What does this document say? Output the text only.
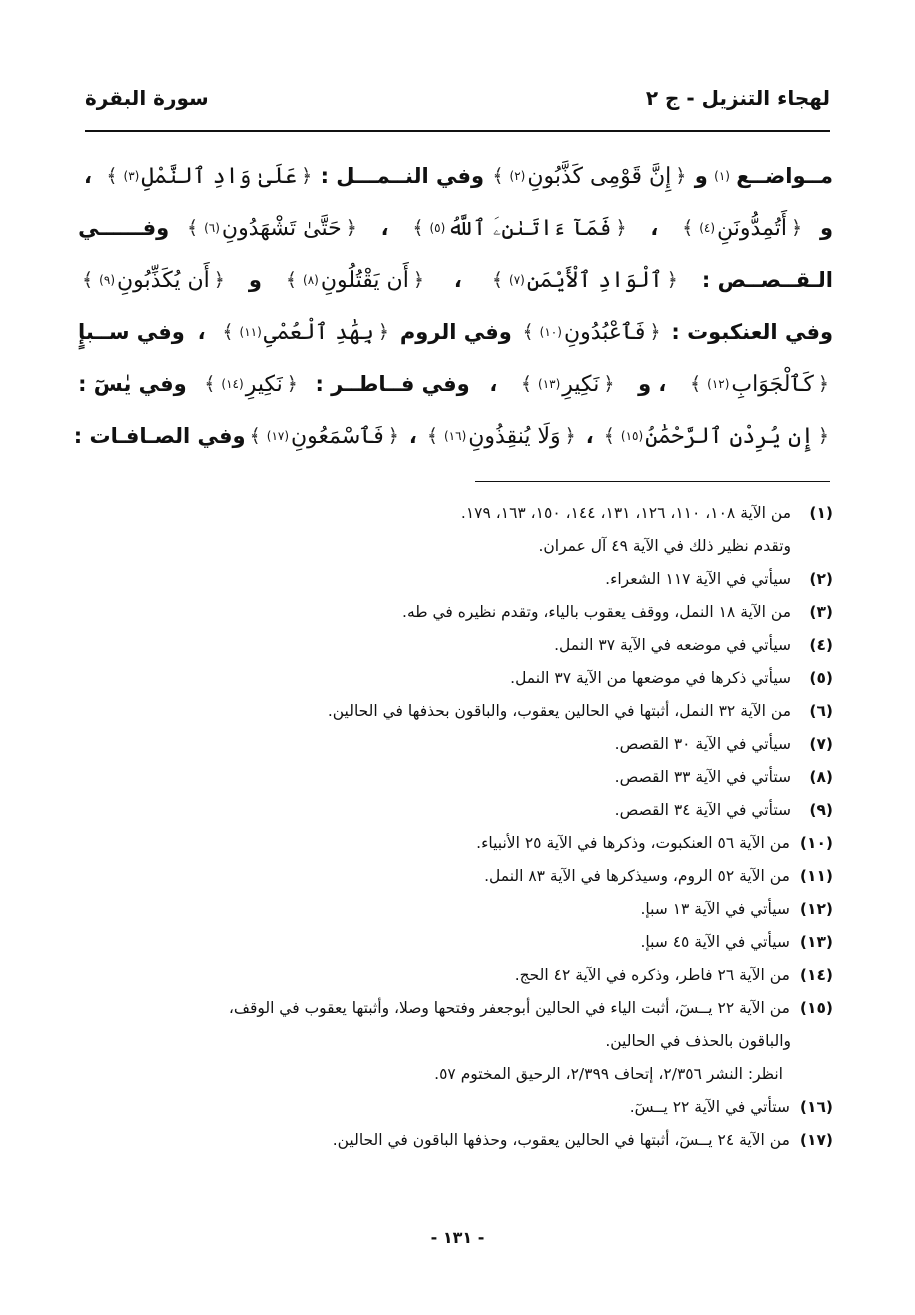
لهجاء التنزيل - ج ٢
سورة البقرة
مــواضــع
(١)
و
﴿
إِنَّ قَوْمِى كَذَّبُونِ
(٢)
﴾
وفي النــمـــل :
﴿
عَلَىٰ وَادِ ٱلنَّمْلِ
(٣)
﴾
،
و
﴿
أَتُمِدُّونَنِ
(٤)
﴾
،
﴿
فَمَآ ءَاتَىٰنِۦَ ٱللَّهُ
(٥)
﴾
،
﴿
حَتَّىٰ تَشْهَدُونِ
(٦)
﴾
وفــــــي
الـقــصــص :
﴿
ٱلْوَادِ ٱلْأَيْمَنِ
(٧)
﴾
،
﴿
أَن يَقْتُلُونِ
(٨)
﴾
و
﴿
أَن يُكَذِّبُونِ
(٩)
﴾
وفي العنكبوت :
﴿
فَٱعْبُدُونِ
(١٠)
﴾
وفي الروم
﴿
بِهَٰدِ ٱلْعُمْىِ
(١١)
﴾
،
وفي ســبإٍ
﴿
كَٱلْجَوَابِ
(١٢)
﴾
، و
﴿
نَكِيرِ
(١٣)
﴾
،
وفي فــاطــر :
﴿
نَكِيرِ
(١٤)
﴾
وفي يٰسٓ :
﴿
إِن يُرِدْنِ ٱلرَّحْمَٰنُ
(١٥)
﴾
،
﴿
وَلَا يُنقِذُونِ
(١٦)
﴾
،
﴿
فَٱسْمَعُونِ
(١٧)
﴾
وفي الصـافـات :
(١)
من الآية ١٠٨، ١١٠، ١٢٦، ١٣١، ١٤٤، ١٥٠، ١٦٣، ١٧٩.
وتقدم نظير ذلك في الآية ٤٩ آل عمران.
(٢)
سيأتي في الآية ١١٧ الشعراء.
(٣)
من الآية ١٨ النمل، ووقف يعقوب بالياء، وتقدم نظيره في طه.
(٤)
سيأتي في موضعه في الآية ٣٧ النمل.
(٥)
سيأتي ذكرها في موضعها من الآية ٣٧ النمل.
(٦)
من الآية ٣٢ النمل، أثبتها في الحالين يعقوب، والباقون بحذفها في الحالين.
(٧)
سيأتي في الآية ٣٠ القصص.
(٨)
ستأتي في الآية ٣٣ القصص.
(٩)
ستأتي في الآية ٣٤ القصص.
(١٠)
من الآية ٥٦ العنكبوت، وذكرها في الآية ٢٥ الأنبياء.
(١١)
من الآية ٥٢ الروم، وسيذكرها في الآية ٨٣ النمل.
(١٢)
سيأتي في الآية ١٣ سبإ.
(١٣)
سيأتي في الآية ٤٥ سبإ.
(١٤)
من الآية ٢٦ فاطر، وذكره في الآية ٤٢ الحج.
(١٥)
من الآية ٢٢ يــسٓ، أثبت الياء في الحالين أبوجعفر وفتحها وصلا، وأثبتها يعقوب في الوقف،
والباقون بالحذف في الحالين.
انظر: النشر ٢/٣٥٦، إتحاف ٢/٣٩٩، الرحيق المختوم ٥٧.
(١٦)
ستأتي في الآية ٢٢ يــسٓ.
(١٧)
من الآية ٢٤ يــسٓ، أثبتها في الحالين يعقوب، وحذفها الباقون في الحالين.
- ١٣١ -
